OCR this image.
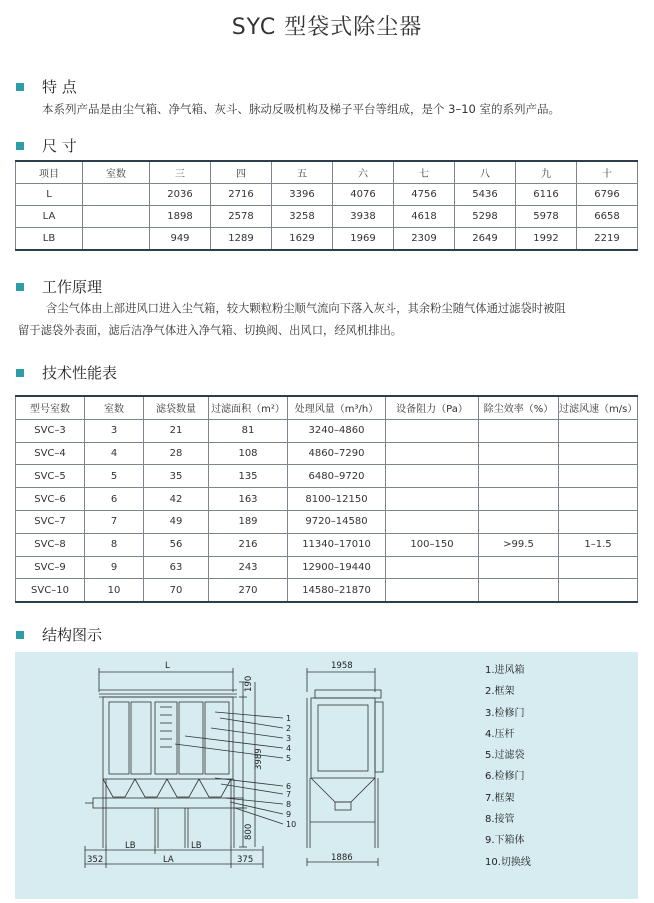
SYC 型袋式除尘器
特 点
本系列产品是由尘气箱、净气箱、灰斗、脉动反吸机构及梯子平台等组成，是个 3–10 室的系列产品。
尺 寸
项目	室数	三	四	五	六	七	八	九	十
L		2036	2716	3396	4076	4756	5436	6116	6796
LA		1898	2578	3258	3938	4618	5298	5978	6658
LB		949	1289	1629	1969	2309	2649	1992	2219
工作原理
含尘气体由上部进风口进入尘气箱，较大颗粒粉尘顺气流向下落入灰斗，其余粉尘随气体通过滤袋时被阻
留于滤袋外表面，滤后洁净气体进入净气箱、切换阀、出风口，经风机排出。
技术性能表
型号室数	室数	滤袋数量	过滤面积（m²）	处理风量（m³/h）	设备阻力（Pa）	除尘效率（%）	过滤风速（m/s）
SVC–3	3	21	81	3240–4860			
SVC–4	4	28	108	4860–7290			
SVC–5	5	35	135	6480–9720			
SVC–6	6	42	163	8100–12150			
SVC–7	7	49	189	9720–14580			
SVC–8	8	56	216	11340–17010	100–150	>99.5	1–1.5
SVC–9	9	63	243	12900–19440			
SVC–10	10	70	270	14580–21870			
结构图示
L
190
3989
800
LB	LB
352	LA	375
1958
1886
1
2
3
4
5
6
7
8
9
10
1.进风箱
2.框架
3.检修门
4.压杆
5.过滤袋
6.检修门
7.框架
8.接管
9.下箱体
10.切换线
